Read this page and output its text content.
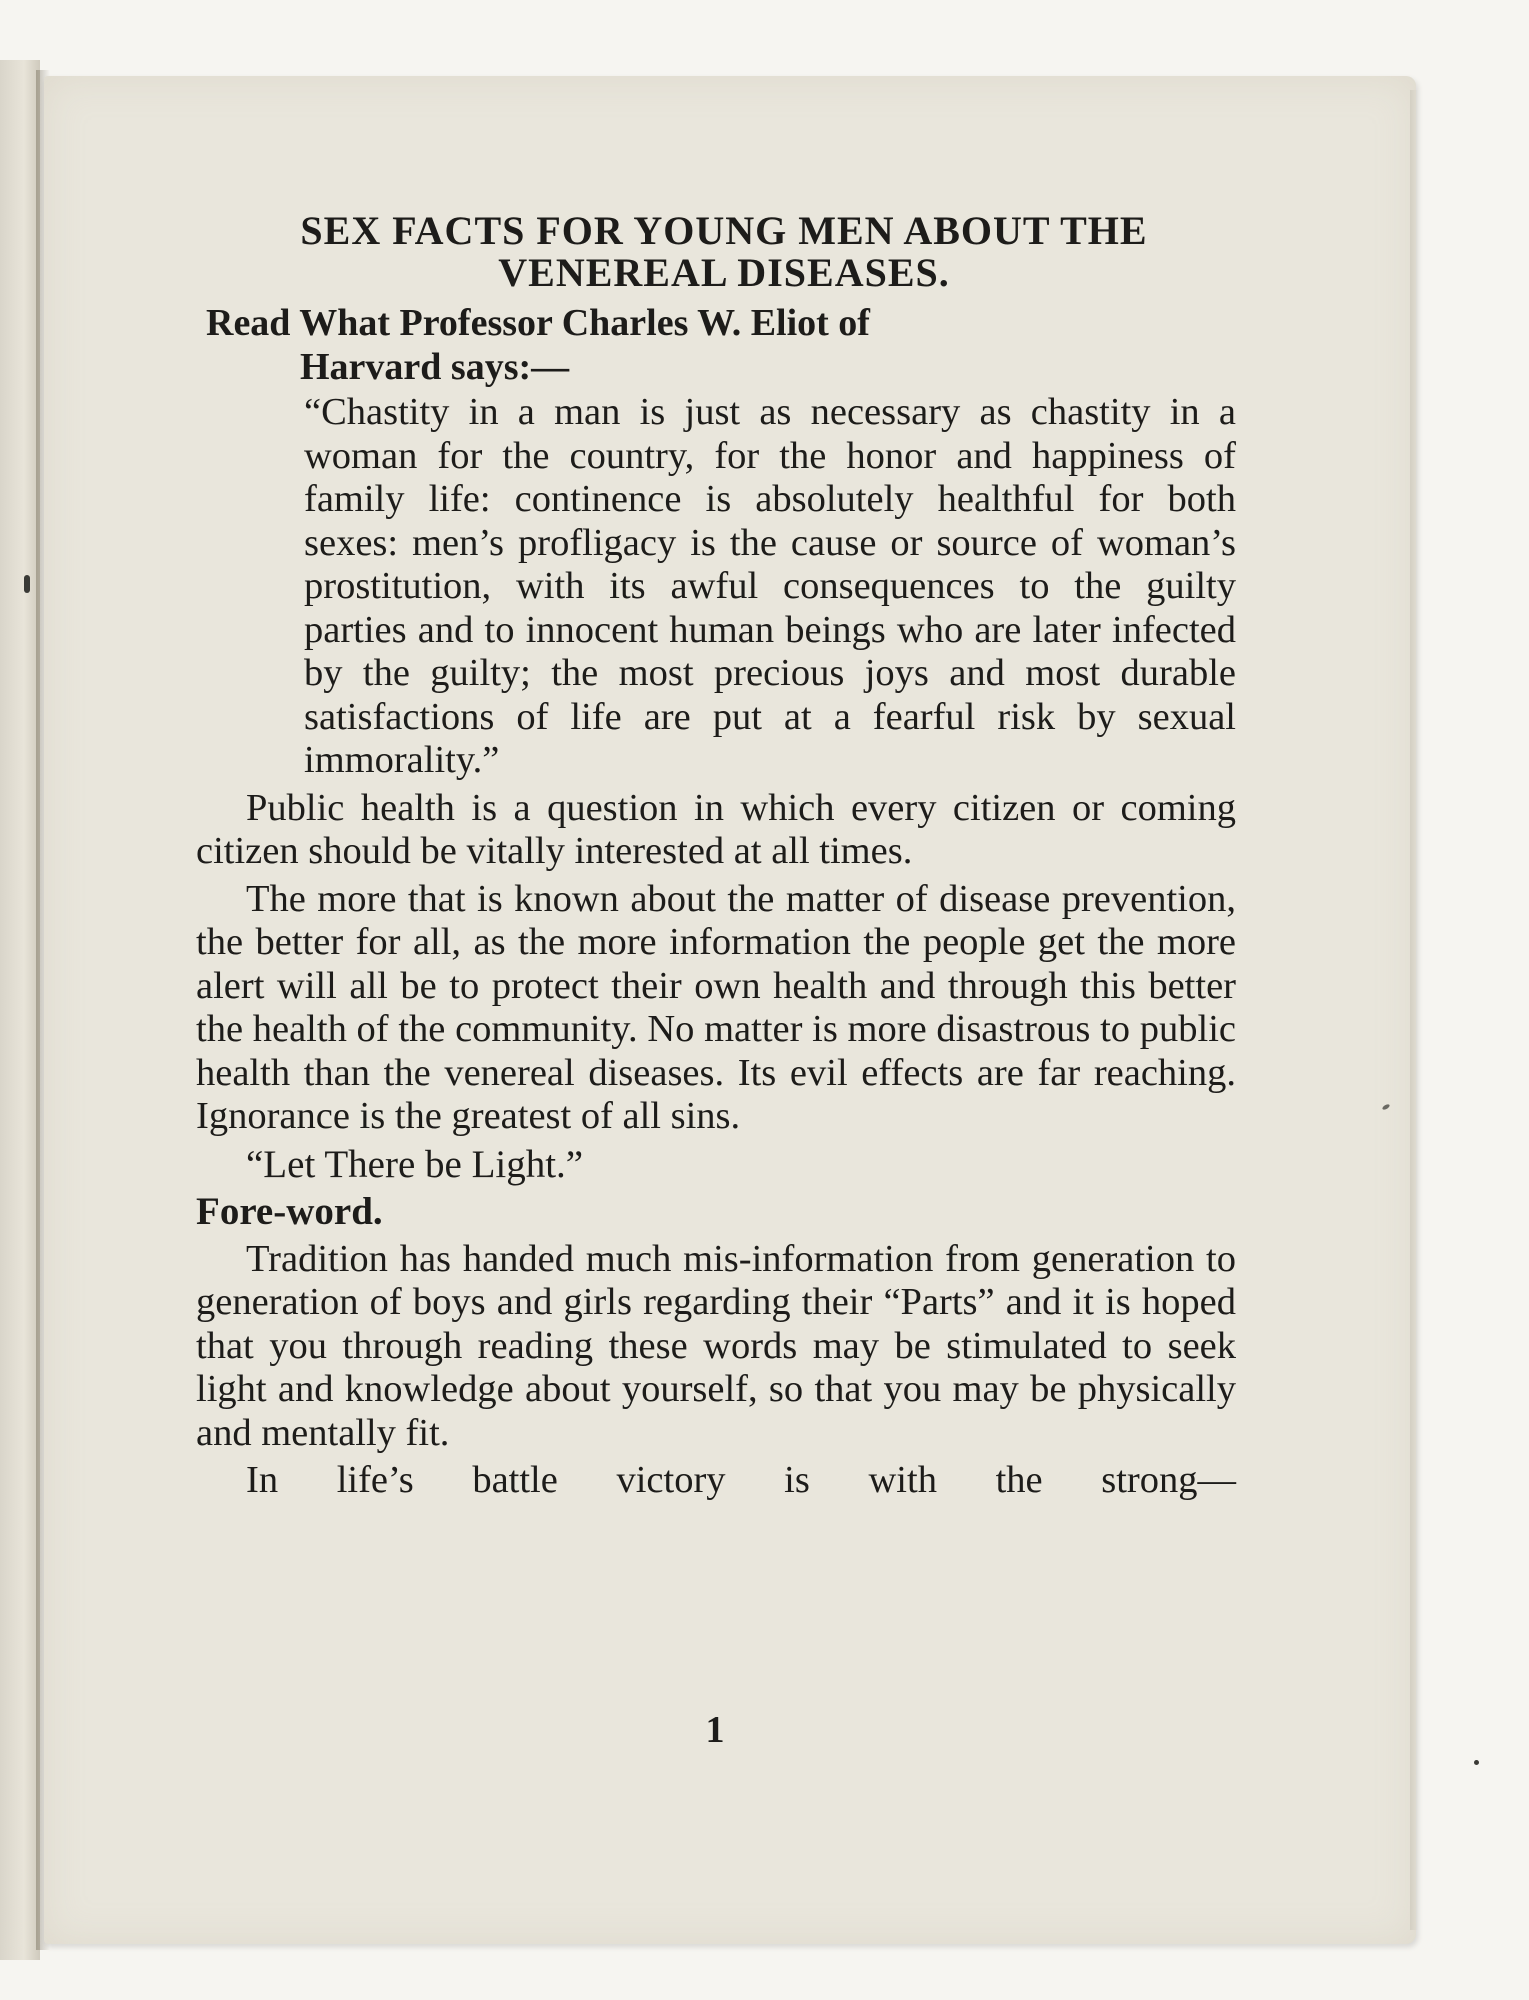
SEX FACTS FOR YOUNG MEN ABOUT THE
VENEREAL DISEASES.
Read What Professor Charles W. Eliot of
Harvard says:—
“Chastity in a man is just as necessary as chastity in a woman for the country, for the honor and happiness of family life: continence is absolutely healthful for both sexes: men’s profligacy is the cause or source of woman’s prostitution, with its awful consequences to the guilty parties and to innocent human beings who are later infected by the guilty; the most precious joys and most durable satisfactions of life are put at a fearful risk by sexual immorality.”

Public health is a question in which every citizen or coming citizen should be vitally interested at all times.

The more that is known about the matter of disease prevention, the better for all, as the more information the people get the more alert will all be to protect their own health and through this better the health of the community. No matter is more disastrous to public health than the venereal diseases. Its evil effects are far reaching. Ignorance is the greatest of all sins.

“Let There be Light.”
Fore-word.

Tradition has handed much mis-information from generation to generation of boys and girls regarding their “Parts” and it is hoped that you through reading these words may be stimulated to seek light and knowledge about yourself, so that you may be physically and mentally fit.

In life’s battle victory is with the strong—

1
